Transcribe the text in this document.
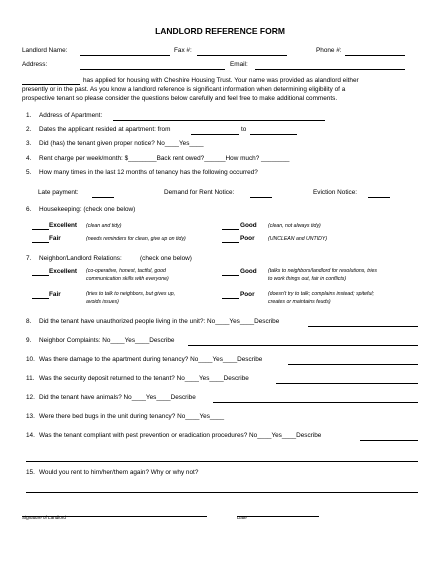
LANDLORD REFERENCE FORM
Landlord Name:	Fax #:	Phone #:
Address:	Email:
has applied for housing with Cheshire Housing Trust. Your name was provided as alandlord either
presently or in the past. As you know a landlord reference is significant information when determining eligibility of a
prospective tenant so please consider the questions below carefully and feel free to make additional comments.
1. Address of Apartment:
2. Dates the applicant resided at apartment: from	to
3. Did (has) the tenant given proper notice? No____Yes____
4. Rent charge per week/month: $________Back rent owed?______How much? ________
5. How many times in the last 12 months of tenancy has the following occurred?
Late payment:	Demand for Rent Notice:	Eviction Notice:
6. Housekeeping: (check one below)
Excellent (clean and tidy)	Good (clean, not always tidy)
Fair	(needs reminders for clean, give up on tidy)	Poor	(UNCLEAN and UNTIDY)
7. Neighbor/Landlord Relations:	(check one below)
Excellent (co-operative, honest, tactful, good
communication skills with everyone)
Good (talks to neighbors/landlord for resolutions, tries
to work things out, fair in conflicts)
Fair	(tries to talk to neighbors, but gives up,
avoids issues)
Poor	(doesn't try to talk; complains instead; spiteful;
creates or maintains feuds)
8. Did the tenant have unauthorized people living in the unit?: No____Yes____Describe
9. Neighbor Complaints: No____Yes____Describe
10. Was there damage to the apartment during tenancy? No____Yes____Describe
11. Was the security deposit returned to the tenant? No____Yes____Describe
12. Did the tenant have animals? No____Yes____Describe
13. Were there bed bugs in the unit during tenancy? No____Yes____
14. Was the tenant compliant with pest prevention or eradication procedures? No____Yes____Describe
15. Would you rent to him/her/them again? Why or why not?
Signature of Landlord	Date
